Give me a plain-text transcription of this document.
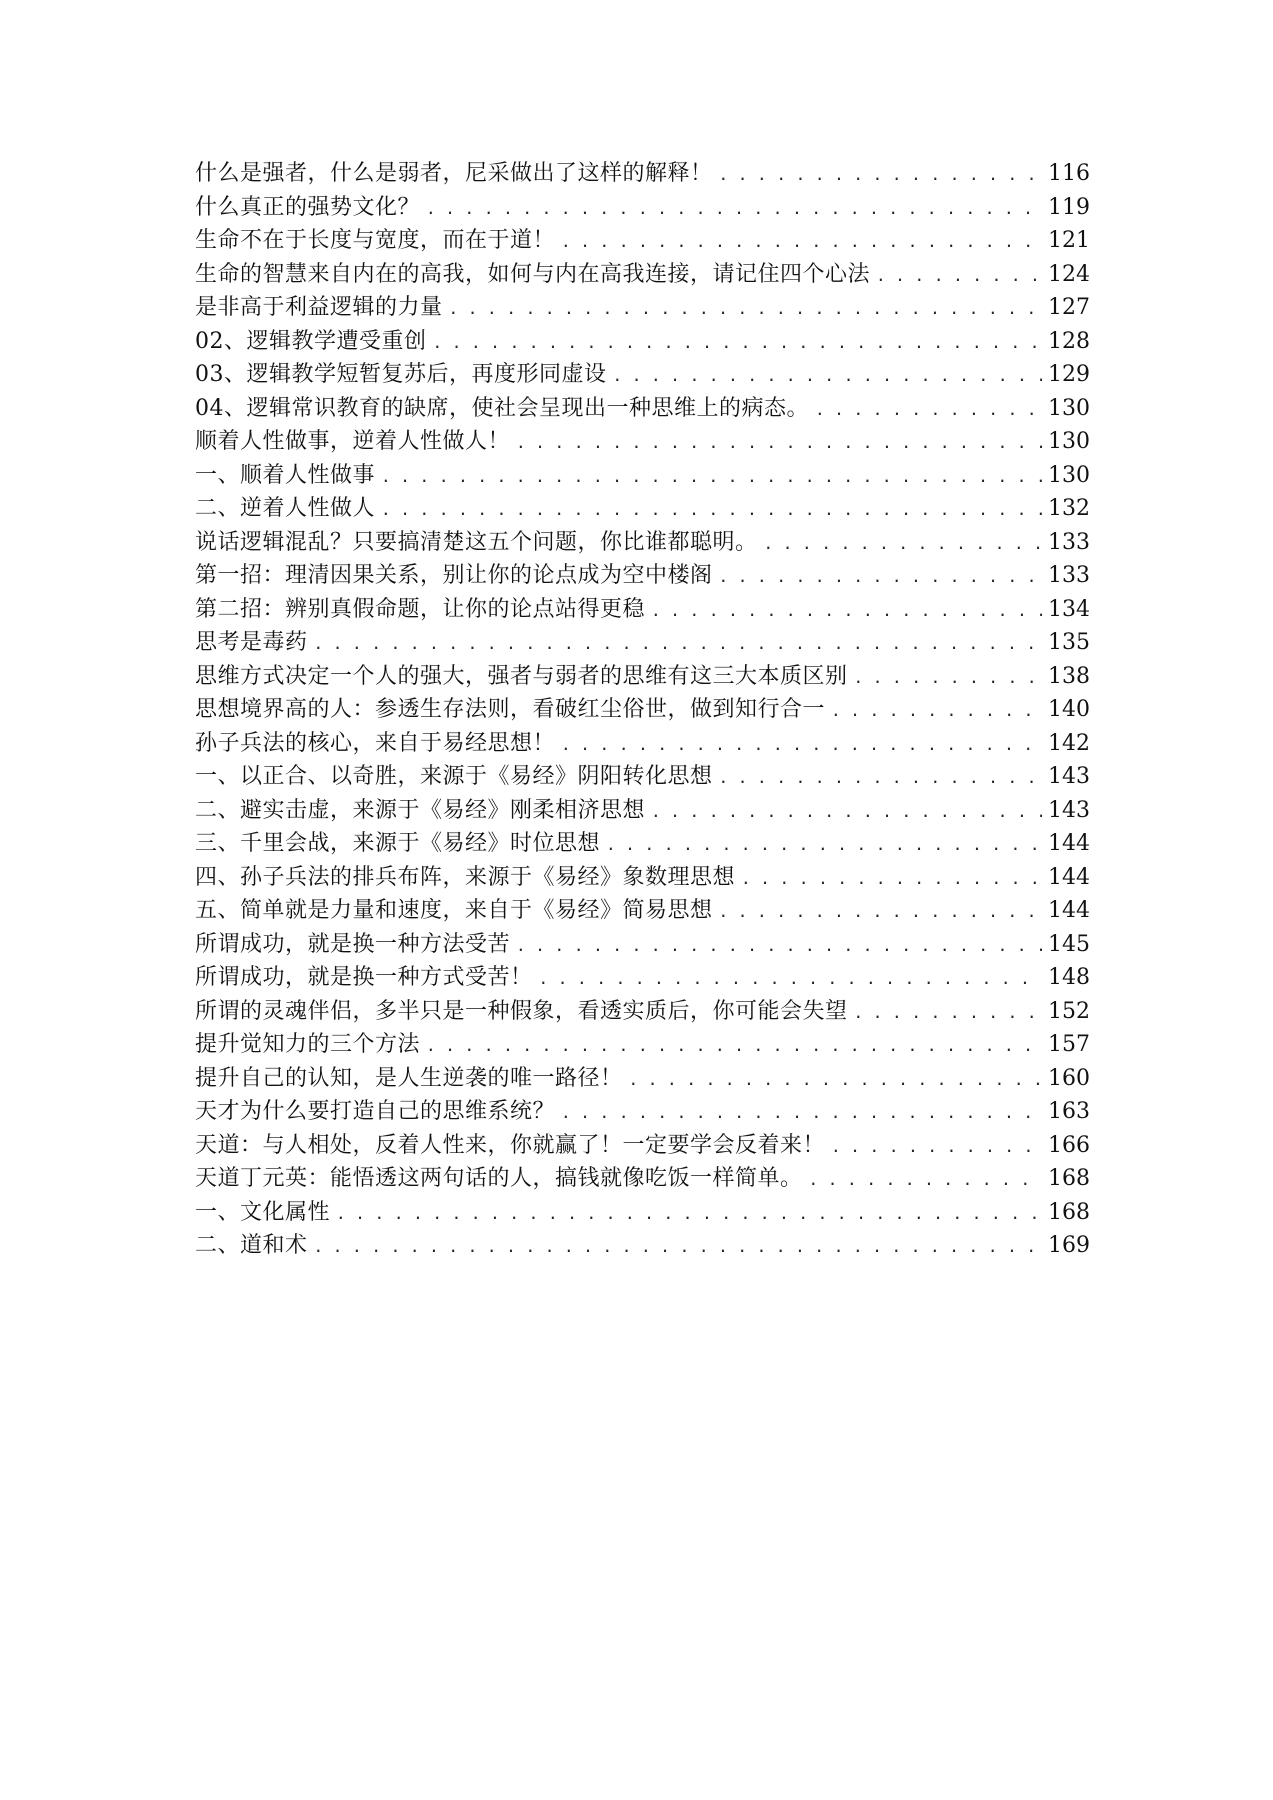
什么是强者，什么是弱者，尼采做出了这样的解释！ . . .	116
什么真正的强势文化？ . . .	119
生命不在于长度与宽度，而在于道！ . . .	121
生命的智慧来自内在的高我，如何与内在高我连接，请记住四个心法 . . .	124
是非高于利益逻辑的力量 . . .	127
02、逻辑教学遭受重创 . . .	128
03、逻辑教学短暂复苏后，再度形同虚设 . . .	129
04、逻辑常识教育的缺席，使社会呈现出一种思维上的病态。 . . .	130
顺着人性做事，逆着人性做人！ . . .	130
一、顺着人性做事 . . .	130
二、逆着人性做人 . . .	132
说话逻辑混乱？只要搞清楚这五个问题，你比谁都聪明。 . . .	133
第一招：理清因果关系，别让你的论点成为空中楼阁 . . .	133
第二招：辨别真假命题，让你的论点站得更稳 . . .	134
思考是毒药 . . .	135
思维方式决定一个人的强大，强者与弱者的思维有这三大本质区别 . . .	138
思想境界高的人：参透生存法则，看破红尘俗世，做到知行合一 . . .	140
孙子兵法的核心，来自于易经思想！ . . .	142
一、以正合、以奇胜，来源于《易经》阴阳转化思想 . . .	143
二、避实击虚，来源于《易经》刚柔相济思想 . . .	143
三、千里会战，来源于《易经》时位思想 . . .	144
四、孙子兵法的排兵布阵，来源于《易经》象数理思想 . . .	144
五、简单就是力量和速度，来自于《易经》简易思想 . . .	144
所谓成功，就是换一种方法受苦 . . .	145
所谓成功，就是换一种方式受苦！ . . .	148
所谓的灵魂伴侣，多半只是一种假象，看透实质后，你可能会失望 . . .	152
提升觉知力的三个方法 . . .	157
提升自己的认知，是人生逆袭的唯一路径！ . . .	160
天才为什么要打造自己的思维系统？ . . .	163
天道：与人相处，反着人性来，你就赢了！一定要学会反着来！ . . .	166
天道丁元英：能悟透这两句话的人，搞钱就像吃饭一样简单。 . . .	168
一、文化属性 . . .	168
二、道和术 . . .	169
